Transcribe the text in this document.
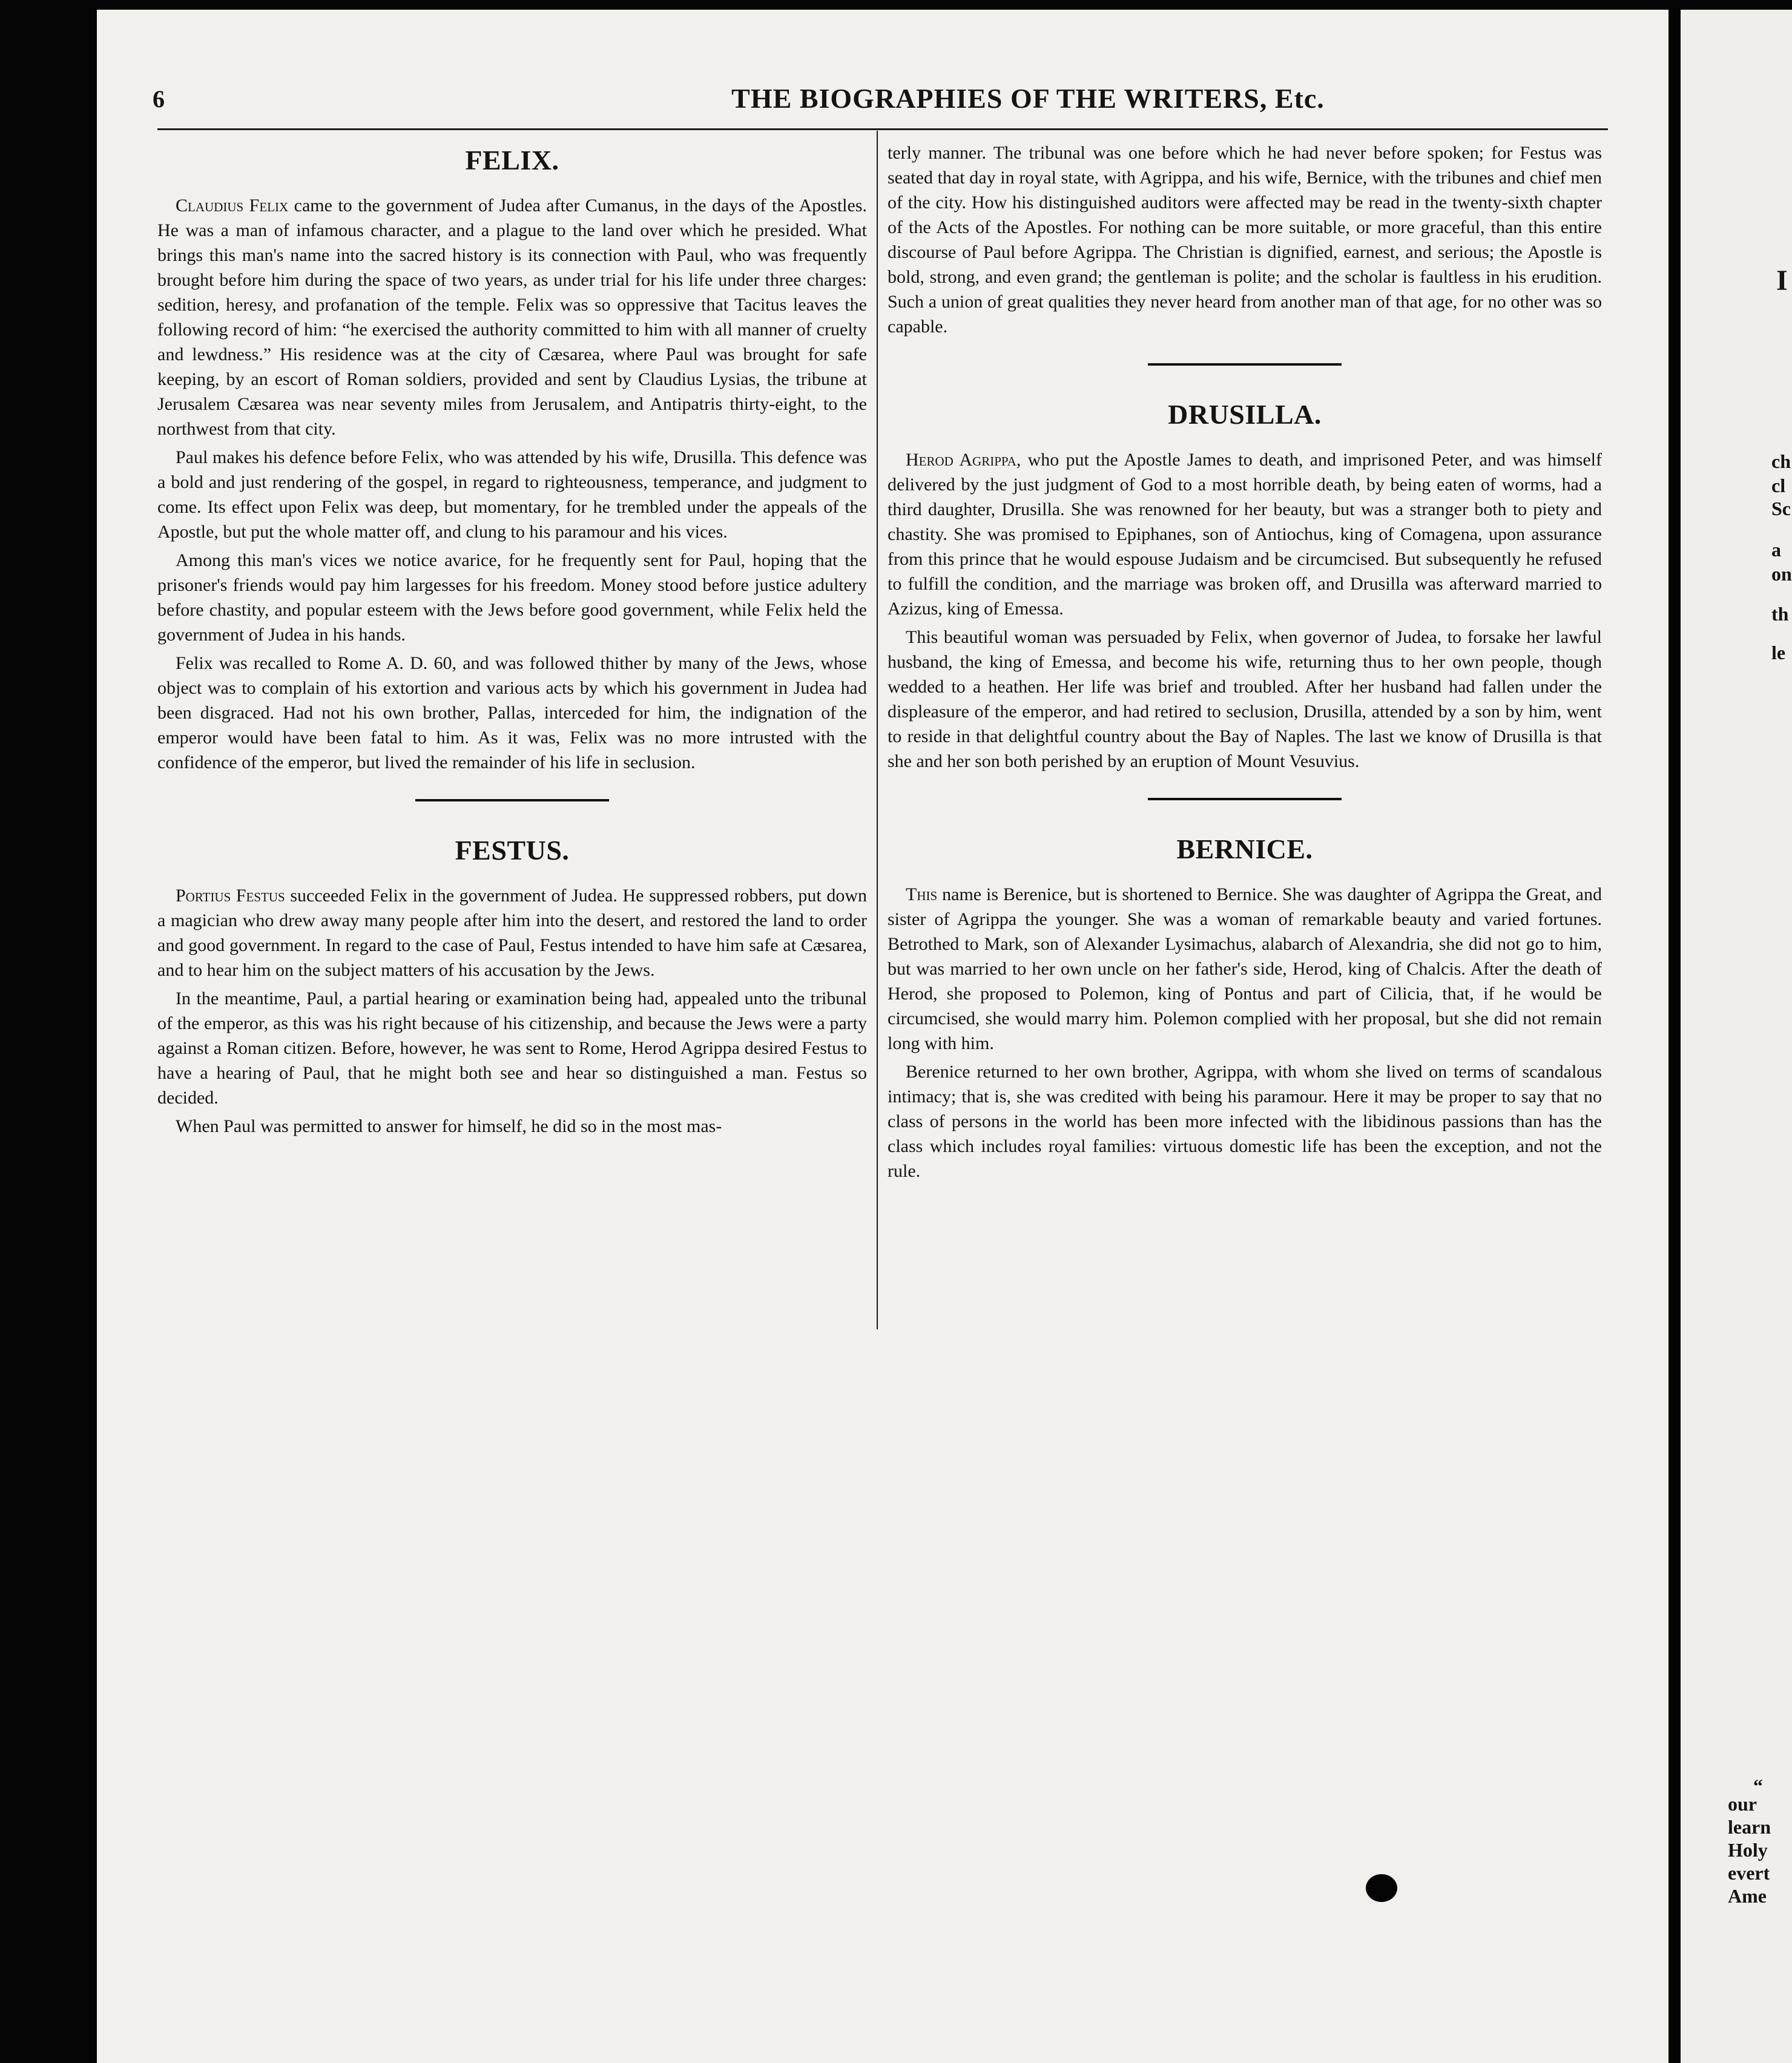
6	THE BIOGRAPHIES OF THE WRITERS, Etc.
FELIX.

Claudius Felix came to the government of Judea after Cumanus, in the days of the Apostles. He was a man of infamous character, and a plague to the land over which he presided. What brings this man's name into the sacred history is its connection with Paul, who was frequently brought before him during the space of two years, as under trial for his life under three charges: sedition, heresy, and profanation of the temple. Felix was so oppressive that Tacitus leaves the following record of him: “he exercised the authority committed to him with all manner of cruelty and lewdness.” His residence was at the city of Cæsarea, where Paul was brought for safe keeping, by an escort of Roman soldiers, provided and sent by Claudius Lysias, the tribune at Jerusalem Cæsarea was near seventy miles from Jerusalem, and Antipatris thirty-eight, to the northwest from that city.

Paul makes his defence before Felix, who was attended by his wife, Drusilla. This defence was a bold and just rendering of the gospel, in regard to righteousness, temperance, and judgment to come. Its effect upon Felix was deep, but momentary, for he trembled under the appeals of the Apostle, but put the whole matter off, and clung to his paramour and his vices.

Among this man's vices we notice avarice, for he frequently sent for Paul, hoping that the prisoner's friends would pay him largesses for his freedom. Money stood before justice adultery before chastity, and popular esteem with the Jews before good government, while Felix held the government of Judea in his hands.

Felix was recalled to Rome A. D. 60, and was followed thither by many of the Jews, whose object was to complain of his extortion and various acts by which his government in Judea had been disgraced. Had not his own brother, Pallas, interceded for him, the indignation of the emperor would have been fatal to him. As it was, Felix was no more intrusted with the confidence of the emperor, but lived the remainder of his life in seclusion.

FESTUS.

Portius Festus succeeded Felix in the government of Judea. He suppressed robbers, put down a magician who drew away many people after him into the desert, and restored the land to order and good government. In regard to the case of Paul, Festus intended to have him safe at Cæsarea, and to hear him on the subject matters of his accusation by the Jews.

In the meantime, Paul, a partial hearing or examination being had, appealed unto the tribunal of the emperor, as this was his right because of his citizenship, and because the Jews were a party against a Roman citizen. Before, however, he was sent to Rome, Herod Agrippa desired Festus to have a hearing of Paul, that he might both see and hear so distinguished a man. Festus so decided.

When Paul was permitted to answer for himself, he did so in the most mas-

terly manner. The tribunal was one before which he had never before spoken; for Festus was seated that day in royal state, with Agrippa, and his wife, Bernice, with the tribunes and chief men of the city. How his distinguished auditors were affected may be read in the twenty-sixth chapter of the Acts of the Apostles. For nothing can be more suitable, or more graceful, than this entire discourse of Paul before Agrippa. The Christian is dignified, earnest, and serious; the Apostle is bold, strong, and even grand; the gentleman is polite; and the scholar is faultless in his erudition. Such a union of great qualities they never heard from another man of that age, for no other was so capable.

DRUSILLA.

Herod Agrippa, who put the Apostle James to death, and imprisoned Peter, and was himself delivered by the just judgment of God to a most horrible death, by being eaten of worms, had a third daughter, Drusilla. She was renowned for her beauty, but was a stranger both to piety and chastity. She was promised to Epiphanes, son of Antiochus, king of Comagena, upon assurance from this prince that he would espouse Judaism and be circumcised. But subsequently he refused to fulfill the condition, and the marriage was broken off, and Drusilla was afterward married to Azizus, king of Emessa.

This beautiful woman was persuaded by Felix, when governor of Judea, to forsake her lawful husband, the king of Emessa, and become his wife, returning thus to her own people, though wedded to a heathen. Her life was brief and troubled. After her husband had fallen under the displeasure of the emperor, and had retired to seclusion, Drusilla, attended by a son by him, went to reside in that delightful country about the Bay of Naples. The last we know of Drusilla is that she and her son both perished by an eruption of Mount Vesuvius.

BERNICE.

This name is Berenice, but is shortened to Bernice. She was daughter of Agrippa the Great, and sister of Agrippa the younger. She was a woman of remarkable beauty and varied fortunes. Betrothed to Mark, son of Alexander Lysimachus, alabarch of Alexandria, she did not go to him, but was married to her own uncle on her father's side, Herod, king of Chalcis. After the death of Herod, she proposed to Polemon, king of Pontus and part of Cilicia, that, if he would be circumcised, she would marry him. Polemon complied with her proposal, but she did not remain long with him.

Berenice returned to her own brother, Agrippa, with whom she lived on terms of scandalous intimacy; that is, she was credited with being his paramour. Here it may be proper to say that no class of persons in the world has been more infected with the libidinous passions than has the class which includes royal families: virtuous domestic life has been the exception, and not the rule.

I
ch
cl
Sc
a
on
th
le
“
our
learn
Holy
evert
Ame
